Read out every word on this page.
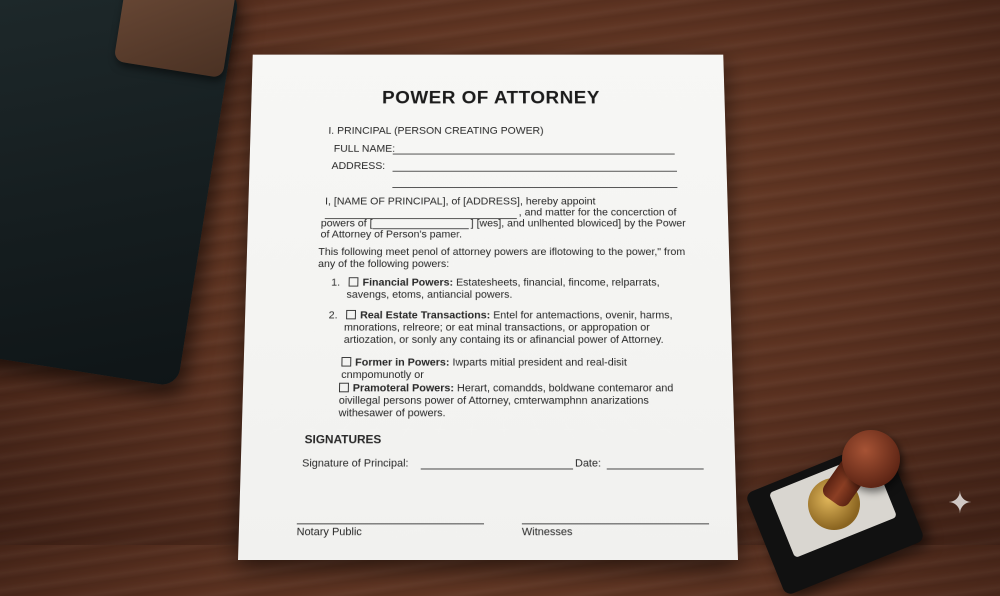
POWER OF ATTORNEY
I. PRINCIPAL (PERSON CREATING POWER)
FULL NAME:
ADDRESS:
I, [NAME OF PRINCIPAL], of [ADDRESS], hereby appoint
, and matter for the concerction of
powers of [	] [wes], and unlhented blowiced] by the Power
of Attorney of Person's pamer.
This following meet penol of attorney powers are iflotowing to the power," from
any of the following powers:
1. Financial Powers: Estatesheets, financial, fincome, relparrats,
savengs, etoms, antiancial powers.
2. Real Estate Transactions: Entel for antemactions, ovenir, harms,
mnorations, relreore; or eat minal transactions, or appropation or
artiozation, or sonly any containg its or afinancial power of Attorney.
Former in Powers: Iwparts mitial president and real-disit
cnmpomunotly or
Pramoteral Powers: Herart, comandds, boldwane contemaror and
oivillegal persons power of Attorney, cmterwamphnn anarizations
withesawer of powers.
SIGNATURES
Signature of Principal:	Date:
Notary Public	Witnesses
✦
